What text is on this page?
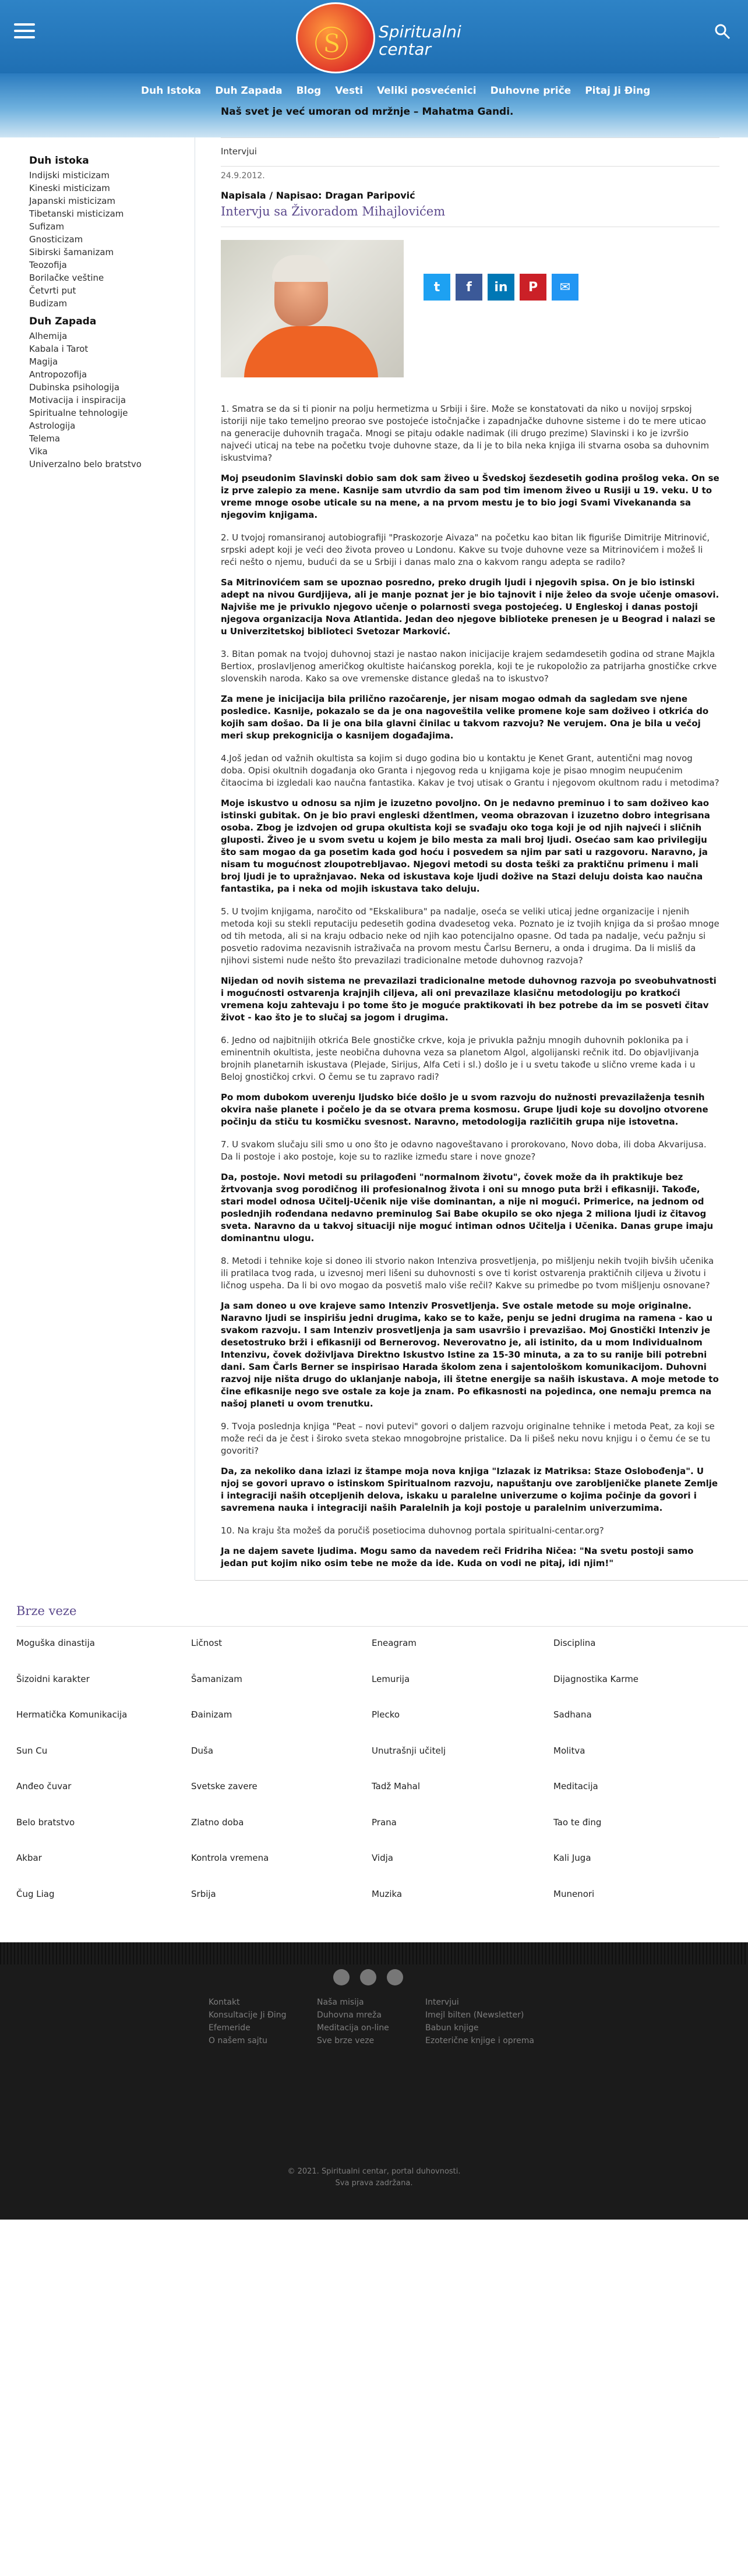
Ⓢ Spiritualni
centar
Duh Istoka	Duh Zapada	Blog	Vesti	Veliki posvećenici	Duhovne priče	Pitaj Ji Đing
Naš svet je već umoran od mržnje – Mahatma Gandi.
Duh istoka
Indijski misticizam
Kineski misticizam
Japanski misticizam
Tibetanski misticizam
Sufizam
Gnosticizam
Sibirski šamanizam
Teozofija
Borilačke veštine
Četvrti put
Budizam
Duh Zapada
Alhemija
Kabala i Tarot
Magija
Antropozofija
Dubinska psihologija
Motivacija i inspiracija
Spiritualne tehnologije
Astrologija
Telema
Vika
Univerzalno belo bratstvo
Intervjui
24.9.2012.
Napisala / Napisao: Dragan Paripović
Intervju sa Živoradom Mihajlovićem
t	f	in	P	✉

1. Smatra se da si ti pionir na polju hermetizma u Srbiji i šire. Može se konstatovati da niko u novijoj srpskoj istoriji nije tako temeljno preorao sve postojeće istočnjačke i zapadnjačke duhovne sisteme i do te mere uticao na generacije duhovnih tragača. Mnogi se pitaju odakle nadimak (ili drugo prezime) Slavinski i ko je izvršio najveći uticaj na tebe na početku tvoje duhovne staze, da li je to bila neka knjiga ili stvarna osoba sa duhovnim iskustvima?

Moj pseudonim Slavinski dobio sam dok sam živeo u Švedskoj šezdesetih godina prošlog veka. On se iz prve zalepio za mene. Kasnije sam utvrdio da sam pod tim imenom živeo u Rusiji u 19. veku. U to vreme mnoge osobe uticale su na mene, a na prvom mestu je to bio jogi Svami Vivekananda sa njegovim knjigama.

2. U tvojoj romansiranoj autobiografiji "Praskozorje Aivaza" na početku kao bitan lik figuriše Dimitrije Mitrinović, srpski adept koji je veći deo života proveo u Londonu. Kakve su tvoje duhovne veze sa Mitrinovićem i možeš li reći nešto o njemu, budući da se u Srbiji i danas malo zna o kakvom rangu adepta se radilo?

Sa Mitrinovićem sam se upoznao posredno, preko drugih ljudi i njegovih spisa. On je bio istinski adept na nivou Gurdjijeva, ali je manje poznat jer je bio tajnovit i nije želeo da svoje učenje omasovi. Najviše me je privuklo njegovo učenje o polarnosti svega postojećeg. U Engleskoj i danas postoji njegova organizacija Nova Atlantida. Jedan deo njegove biblioteke prenesen je u Beograd i nalazi se u Univerzitetskoj biblioteci Svetozar Marković.

3. Bitan pomak na tvojoj duhovnoj stazi je nastao nakon inicijacije krajem sedamdesetih godina od strane Majkla Bertiox, proslavljenog američkog okultiste haićanskog porekla, koji te je rukopoložio za patrijarha gnostičke crkve slovenskih naroda. Kako sa ove vremenske distance gledaš na to iskustvo?

Za mene je inicijacija bila prilično razočarenje, jer nisam mogao odmah da sagledam sve njene posledice. Kasnije, pokazalo se da je ona nagoveštila velike promene koje sam doživeo i otkrića do kojih sam došao. Da li je ona bila glavni činilac u takvom razvoju? Ne verujem. Ona je bila u večoj meri skup prekognicija o kasnijem događajima.

4.Još jedan od važnih okultista sa kojim si dugo godina bio u kontaktu je Kenet Grant, autentični mag novog doba. Opisi okultnih događanja oko Granta i njegovog reda u knjigama koje je pisao mnogim neupućenim čitaocima bi izgledali kao naučna fantastika. Kakav je tvoj utisak o Grantu i njegovom okultnom radu i metodima?

Moje iskustvo u odnosu sa njim je izuzetno povoljno. On je nedavno preminuo i to sam doživeo kao istinski gubitak. On je bio pravi engleski džentlmen, veoma obrazovan i izuzetno dobro integrisana osoba. Zbog je izdvojen od grupa okultista koji se svađaju oko toga koji je od njih najveći i sličnih gluposti. Živeo je u svom svetu u kojem je bilo mesta za mali broj ljudi. Osećao sam kao privilegiju što sam mogao da ga posetim kada god hoću i posvedem sa njim par sati u razgovoru. Naravno, ja nisam tu mogućnost zloupotrebljavao. Njegovi metodi su dosta teški za praktičnu primenu i mali broj ljudi je to upražnjavao. Neka od iskustava koje ljudi doživе na Stazi deluju doista kao naučna fantastika, pa i neka od mojih iskustava tako deluju.

5. U tvojim knjigama, naročito od "Ekskalibura" pa nadalje, oseća se veliki uticaj jedne organizacije i njenih metoda koji su stekli reputaciju pedesetih godina dvadesetog veka. Poznato je iz tvojih knjiga da si prošao mnoge od tih metoda, ali si na kraju odbacio neke od njih kao potencijalno opasne. Od tada pa nadalje, veću pažnju si posvetio radovima nezavisnih istraživača na provom mestu Čarlsu Berneru, a onda i drugima. Da li misliš da njihovi sistemi nude nešto što prevazilazi tradicionalne metode duhovnog razvoja?

Nijedan od novih sistema ne prevazilazi tradicionalne metode duhovnog razvoja po sveobuhvatnosti i mogućnosti ostvarenja krajnjih ciljeva, ali oni prevazilaze klasičnu metodologiju po kratkoći vremena koju zahtevaju i po tome što je moguće praktikovati ih bez potrebe da im se posveti čitav život - kao što je to slučaj sa jogom i drugima.

6. Jedno od najbitnijih otkrića Bele gnostičke crkve, koja je privukla pažnju mnogih duhovnih poklonika pa i eminentnih okultista, jeste neobična duhovna veza sa planetom Algol, algoliјanski rečnik itd. Do objavljivanja brojnih planetarnih iskustava (Plejade, Sirijus, Alfa Cetі i sl.) došlo je i u svetu takođe u slično vreme kada i u Beloj gnostičkoj crkvi. O čemu se tu zapravo radi?

Po mom dubokom uverenju ljudsko biće došlo je u svom razvoju do nužnosti prevazilaženja tesnih okvira naše planete i počelo je da se otvara prema kosmosu. Grupe ljudi koje su dovoljno otvorene počinju da stiču tu kosmičku svesnost. Naravno, metodologija različitih grupa nije istovetna.

7. U svakom slučaju sili smo u ono što je odavno nagoveštavano i prorokovano, Novo doba, ili doba Akvarijusa. Da li postoje i ako postoje, koje su to razlike između stare i nove gnoze?

Da, postoje. Novi metodi su prilagođeni "normalnom životu", čovek može da ih praktikuje bez žrtvovanja svog porodičnog ili profesionalnog života i oni su mnogo puta brži i efikasniji. Takođe, stari model odnosa Učitelj-Učenik nije više dominantan, a nije ni mogući. Primerice, na jednom od poslednjih rođendana nedavno preminulog Sai Babe okupilo se oko njega 2 miliona ljudi iz čitavog sveta. Naravno da u takvoj situaciji nije moguć intiman odnos Učitelja i Učenika. Danas grupe imaju dominantnu ulogu.

8. Metodi i tehnike koje si doneo ili stvorio nakon Intenziva prosvetljenja, po mišljenju nekih tvojih bivših učenika ili pratilaca tvog rada, u izvesnoj meri lišeni su duhovnosti s ove ti korist ostvarenja praktičnih ciljeva u životu i ličnog uspeha. Da li bi ovo mogao da posvetiš malo više rečil? Kakve su primedbe po tvom mišljenju osnovane?

Ja sam doneo u ove krajeve samo Intenziv Prosvetljenja. Sve ostale metode su moje originalne. Naravno ljudi se inspirišu jedni drugima, kako se to kaže, penju se jedni drugima na ramena - kao u svakom razvoju. I sam Intenziv prosvetljenja ja sam usavršio i prevazišao. Moj Gnostički Intenziv je desetostruko brži i efikasniji od Bernerovog. Neverovatno je, ali istinito, da u mom Individualnom Intenzivu, čovek doživljava Direktno Iskustvo Istine za 15-30 minuta, a za to su ranije bili potrebni dani. Sam Čarls Berner se inspirisao Harada školom zena i sajentološkom komunikacijom. Duhovni razvoj nije ništa drugo do uklanjanje naboja, ili štetne energije sa naših iskustava. A moje metode to čine efikasnije nego sve ostale za koje ja znam. Po efikasnosti na pojedinca, one nemaju premca na našoj planeti u ovom trenutku.

9. Tvoja poslednja knjiga "Peat – novi putevi" govori o daljem razvoju originalne tehnike i metoda Peat, za koji se može reći da je čest i široko sveta stekao mnogobrojne pristalice. Da li pišeš neku novu knjigu i o čemu će se tu govoriti?

Da, za nekoliko dana izlazi iz štampe moja nova knjiga "Izlazak iz Matriksa: Staze Oslobođenja". U njoj se govori upravo o istinskom Spiritualnom razvoju, napuštanju ove zarobljeničke planete Zemlje i integraciji naših otcepljenih delova, iskaku u paralelne univerzume o kojima počinje da govori i savremena nauka i integraciji naših Paralelnih ja koji postoje u paralelnim univerzumima.

10. Na kraju šta možeš da poručiš posetiocima duhovnog portala spiritualni-centar.org?

Ja ne dajem savete ljudima. Mogu samo da navedem reči Fridriha Ničea: "Na svetu postoji samo jedan put kojim niko osim tebe ne može da ide. Kuda on vodi ne pitaj, idi njim!"

Brze veze
Moguška dinastija	Ličnost	Eneagram	Disciplina
Šizoidni karakter	Šamanizam	Lemurija	Dijagnostika Karme
Hermatička Komunikacija	Đainizam	Plecko	Sadhana
Sun Cu	Duša	Unutrašnji učitelj	Molitva
Anđeo čuvar	Svetske zavere	Tadž Mahal	Meditacija
Belo bratstvo	Zlatno doba	Prana	Tao te đing
Akbar	Kontrola vremena	Vidja	Kali Juga
Čug Liag	Srbija	Muzika	Munenori
Kontakt
Konsultacije Ji Đing
Efemeride
O našem sajtu
Naša misija
Duhovna mreža
Meditacija on-line
Sve brze veze
Intervjui
Imejl bilten (Newsletter)
Babun knjige
Ezoterične knjige i oprema
© 2021. Spiritualni centar, portal duhovnosti.
Sva prava zadržana.
